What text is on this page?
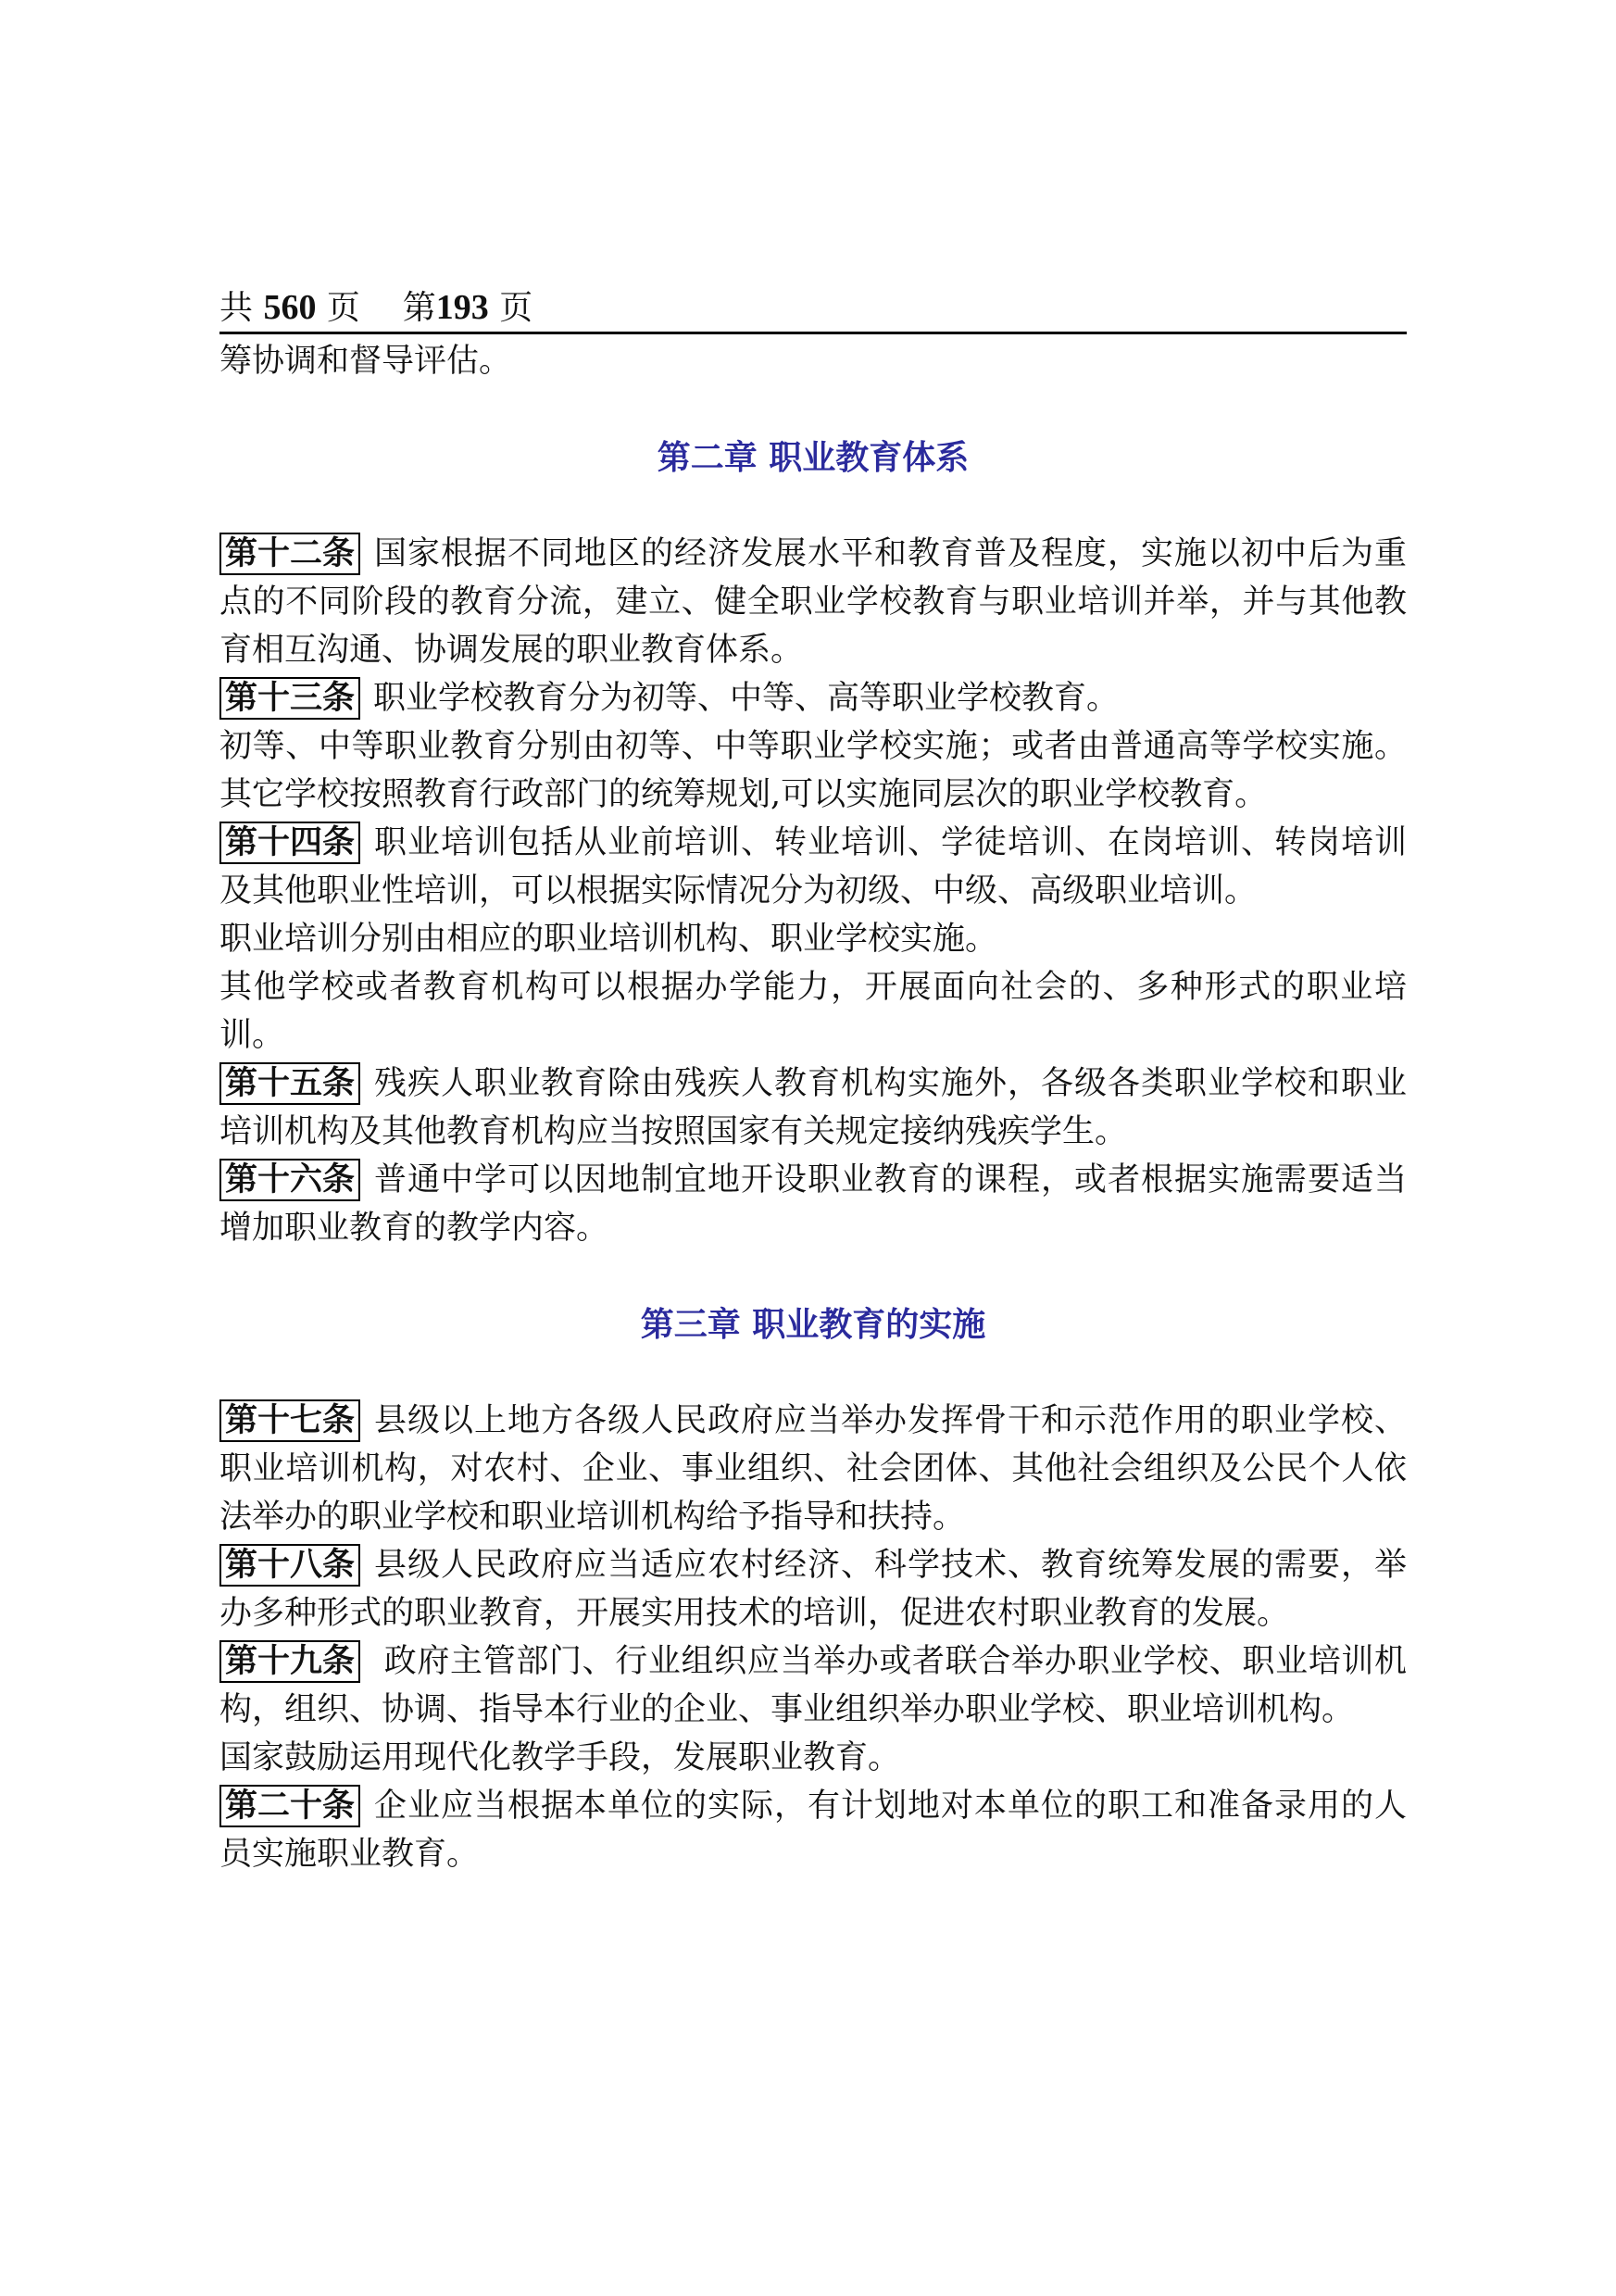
共 560 页 第193 页

筹协调和督导评估。

第二章 职业教育体系

第十二条 国家根据不同地区的经济发展水平和教育普及程度，实施以初中后为重点的不同阶段的教育分流，建立、健全职业学校教育与职业培训并举，并与其他教育相互沟通、协调发展的职业教育体系。

第十三条 职业学校教育分为初等、中等、高等职业学校教育。

初等、中等职业教育分别由初等、中等职业学校实施；或者由普通高等学校实施。其它学校按照教育行政部门的统筹规划,可以实施同层次的职业学校教育。

第十四条 职业培训包括从业前培训、转业培训、学徒培训、在岗培训、转岗培训及其他职业性培训，可以根据实际情况分为初级、中级、高级职业培训。

职业培训分别由相应的职业培训机构、职业学校实施。

其他学校或者教育机构可以根据办学能力，开展面向社会的、多种形式的职业培训。

第十五条 残疾人职业教育除由残疾人教育机构实施外，各级各类职业学校和职业培训机构及其他教育机构应当按照国家有关规定接纳残疾学生。

第十六条 普通中学可以因地制宜地开设职业教育的课程，或者根据实施需要适当增加职业教育的教学内容。

第三章 职业教育的实施

第十七条 县级以上地方各级人民政府应当举办发挥骨干和示范作用的职业学校、职业培训机构，对农村、企业、事业组织、社会团体、其他社会组织及公民个人依法举办的职业学校和职业培训机构给予指导和扶持。

第十八条 县级人民政府应当适应农村经济、科学技术、教育统筹发展的需要，举办多种形式的职业教育，开展实用技术的培训，促进农村职业教育的发展。

第十九条 政府主管部门、行业组织应当举办或者联合举办职业学校、职业培训机构，组织、协调、指导本行业的企业、事业组织举办职业学校、职业培训机构。

国家鼓励运用现代化教学手段，发展职业教育。

第二十条 企业应当根据本单位的实际，有计划地对本单位的职工和准备录用的人员实施职业教育。
